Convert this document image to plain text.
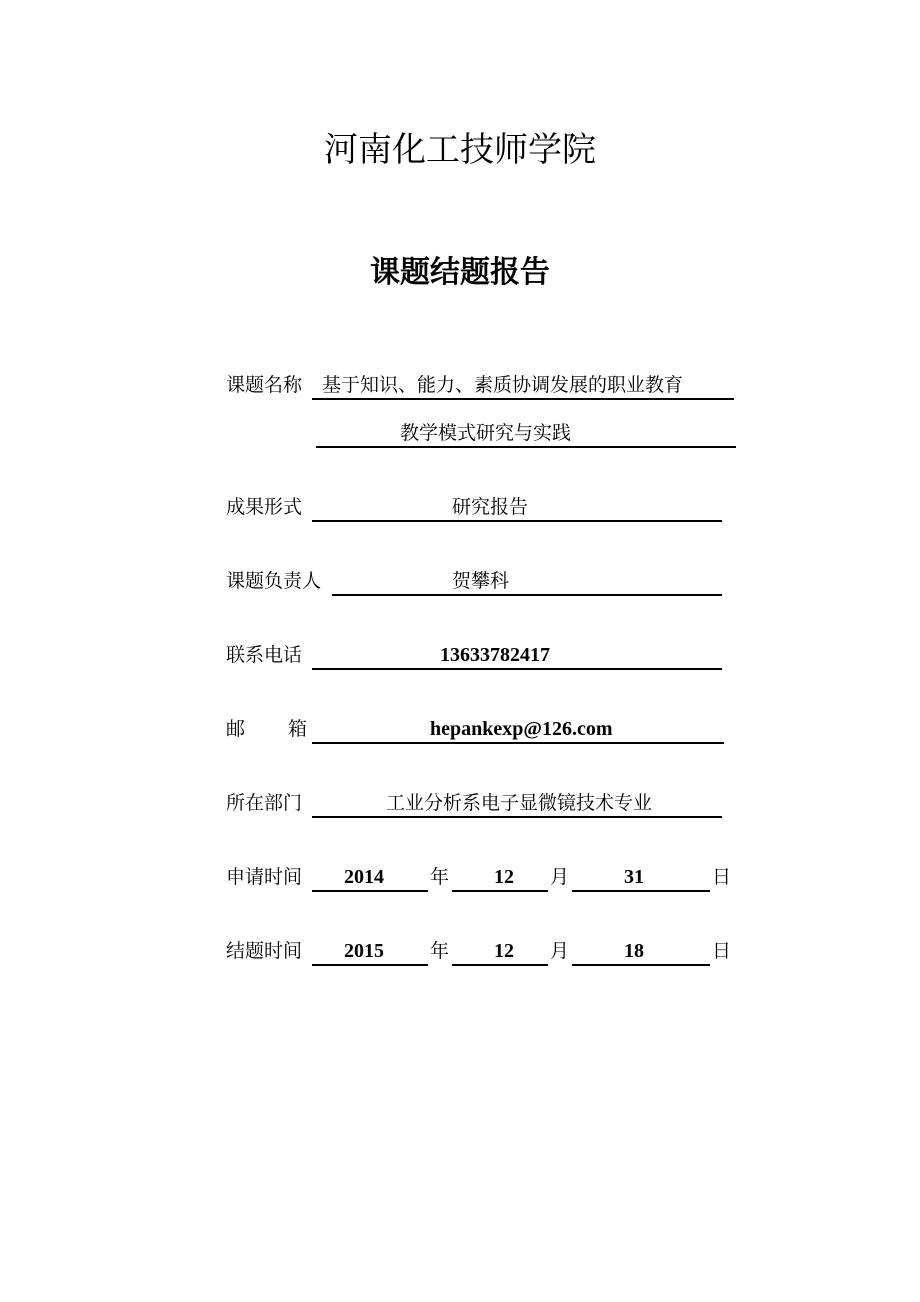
河南化工技师学院
课题结题报告
课题名称 基于知识、能力、素质协调发展的职业教育
教学模式研究与实践
成果形式	研究报告
课题负责人	贺攀科
联系电话	13633782417
邮 箱	hepankexp@126.com
所在部门	工业分析系电子显微镜技术专业
申请时间 2014 年 12 月	31	日
结题时间 2015 年 12 月	18	日
